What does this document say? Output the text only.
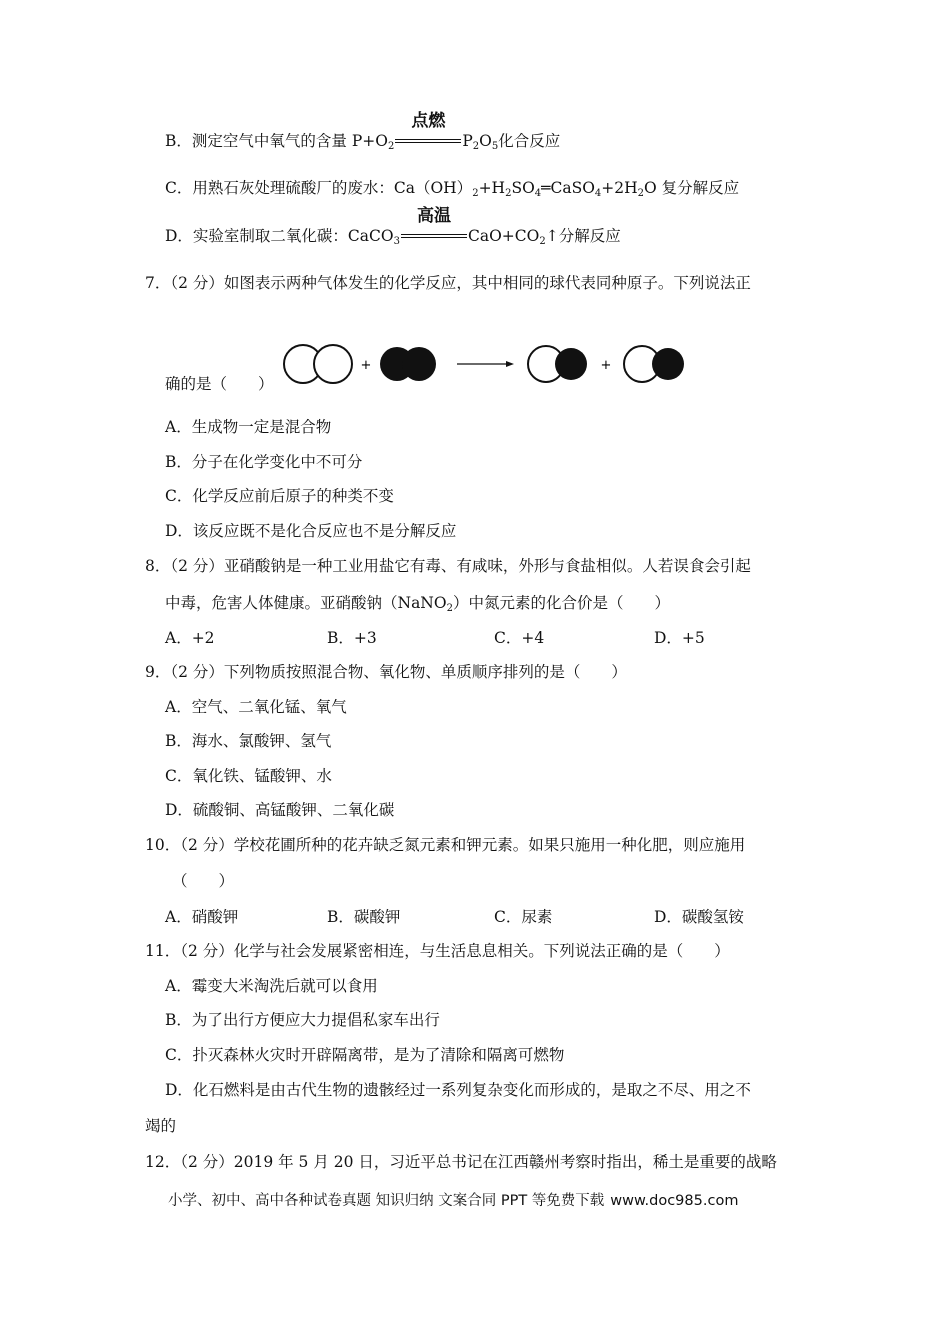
B．测定空气中氧气的含量 $P+O_2$
点燃
$P_2O_5$化合反应
C．用熟石灰处理硫酸厂的废水：$Ca(OH)_2+H_2SO_4═CaSO_4+2H_2O$ 复分解反应
D．实验室制取二氧化碳：CaCO$_3$
高温
$CaO+CO_2↑$分解反应
7．（2 分）如图表示两种气体发生的化学反应，其中相同的球代表同种原子。下列说法正
+	+
确的是（　　）
A．生成物一定是混合物
B．分子在化学变化中不可分
C．化学反应前后原子的种类不变
D．该反应既不是化合反应也不是分解反应
8．（2 分）亚硝酸钠是一种工业用盐它有毒、有咸味，外形与食盐相似。人若误食会引起
中毒，危害人体健康。亚硝酸钠（NaNO$_2$）中氮元素的化合价是（　　）
A．+2	B．+3	C．+4	D．+5
9．（2 分）下列物质按照混合物、氧化物、单质顺序排列的是（　　）
A．空气、二氧化锰、氧气
B．海水、氯酸钾、氢气
C．氧化铁、锰酸钾、水
D．硫酸铜、高锰酸钾、二氧化碳
10．（2 分）学校花圃所种的花卉缺乏氮元素和钾元素。如果只施用一种化肥，则应施用
（　　）
A．硝酸钾	B．碳酸钾	C．尿素	D．碳酸氢铵
11．（2 分）化学与社会发展紧密相连，与生活息息相关。下列说法正确的是（　　）
A．霉变大米淘洗后就可以食用
B．为了出行方便应大力提倡私家车出行
C．扑灭森林火灾时开辟隔离带，是为了清除和隔离可燃物
D．化石燃料是由古代生物的遗骸经过一系列复杂变化而形成的，是取之不尽、用之不
竭的
12．（2 分）2019 年 5 月 20 日，习近平总书记在江西赣州考察时指出，稀土是重要的战略
小学、初中、高中各种试卷真题 知识归纳 文案合同 PPT 等免费下载 www.doc985.com
